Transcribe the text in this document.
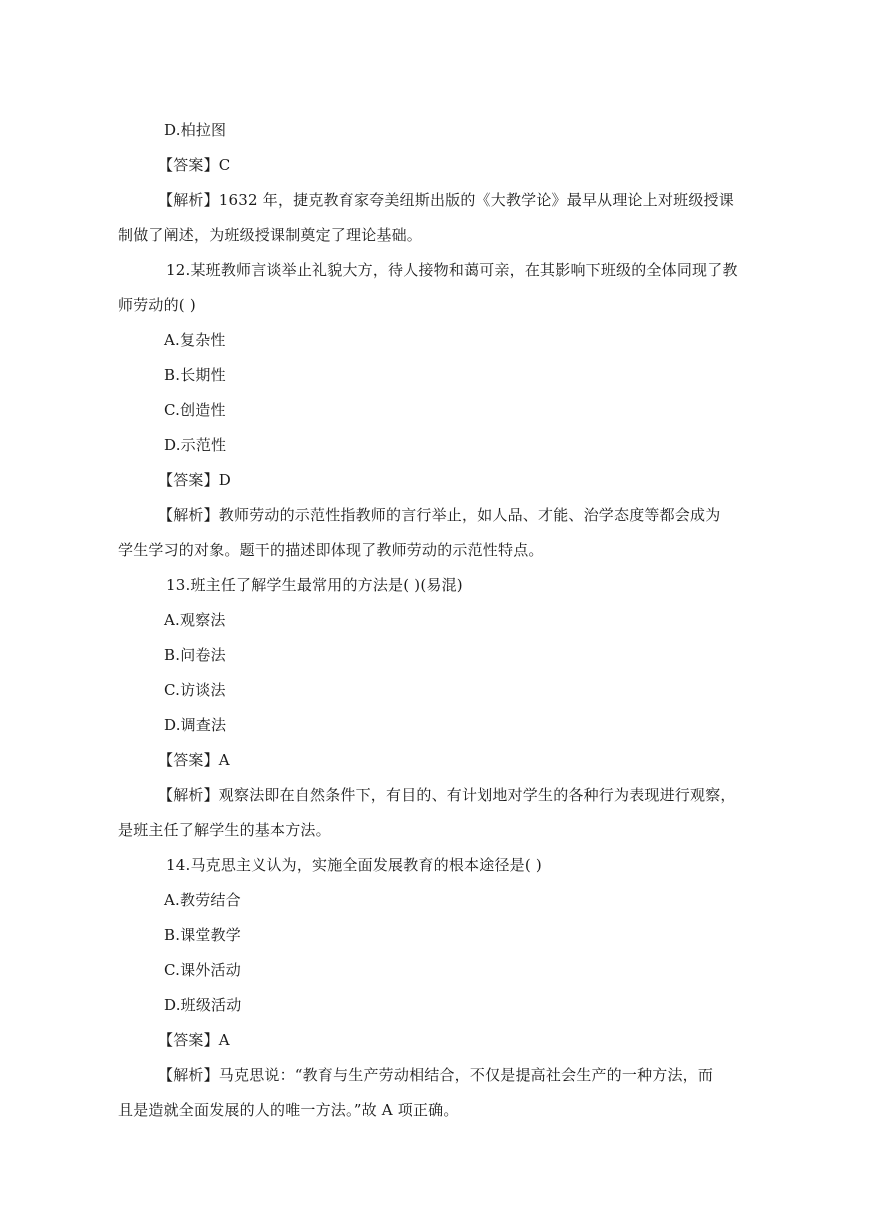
D.柏拉图
【答案】C
【解析】1632 年，捷克教育家夸美纽斯出版的《大教学论》最早从理论上对班级授课
制做了阐述，为班级授课制奠定了理论基础。
12.某班教师言谈举止礼貌大方，待人接物和蔼可亲，在其影响下班级的全体同现了教
师劳动的( )
A.复杂性
B.长期性
C.创造性
D.示范性
【答案】D
【解析】教师劳动的示范性指教师的言行举止，如人品、才能、治学态度等都会成为
学生学习的对象。题干的描述即体现了教师劳动的示范性特点。
13.班主任了解学生最常用的方法是( )(易混)
A.观察法
B.问卷法
C.访谈法
D.调查法
【答案】A
【解析】观察法即在自然条件下，有目的、有计划地对学生的各种行为表现进行观察，
是班主任了解学生的基本方法。
14.马克思主义认为，实施全面发展教育的根本途径是( )
A.教劳结合
B.课堂教学
C.课外活动
D.班级活动
【答案】A
【解析】马克思说：“教育与生产劳动相结合，不仅是提高社会生产的一种方法，而
且是造就全面发展的人的唯一方法。”故 A 项正确。
